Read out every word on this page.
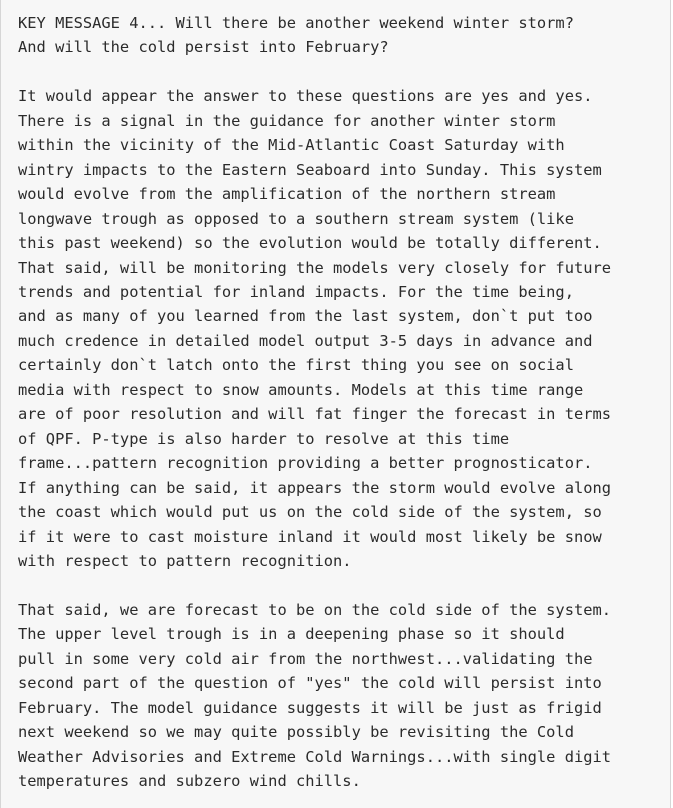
KEY MESSAGE 4... Will there be another weekend winter storm?
And will the cold persist into February?

It would appear the answer to these questions are yes and yes.
There is a signal in the guidance for another winter storm
within the vicinity of the Mid-Atlantic Coast Saturday with
wintry impacts to the Eastern Seaboard into Sunday. This system
would evolve from the amplification of the northern stream
longwave trough as opposed to a southern stream system (like
this past weekend) so the evolution would be totally different.
That said, will be monitoring the models very closely for future
trends and potential for inland impacts. For the time being,
and as many of you learned from the last system, don`t put too
much credence in detailed model output 3-5 days in advance and
certainly don`t latch onto the first thing you see on social
media with respect to snow amounts. Models at this time range
are of poor resolution and will fat finger the forecast in terms
of QPF. P-type is also harder to resolve at this time
frame...pattern recognition providing a better prognosticator.
If anything can be said, it appears the storm would evolve along
the coast which would put us on the cold side of the system, so
if it were to cast moisture inland it would most likely be snow
with respect to pattern recognition.

That said, we are forecast to be on the cold side of the system.
The upper level trough is in a deepening phase so it should
pull in some very cold air from the northwest...validating the
second part of the question of "yes" the cold will persist into
February. The model guidance suggests it will be just as frigid
next weekend so we may quite possibly be revisiting the Cold
Weather Advisories and Extreme Cold Warnings...with single digit
temperatures and subzero wind chills.
